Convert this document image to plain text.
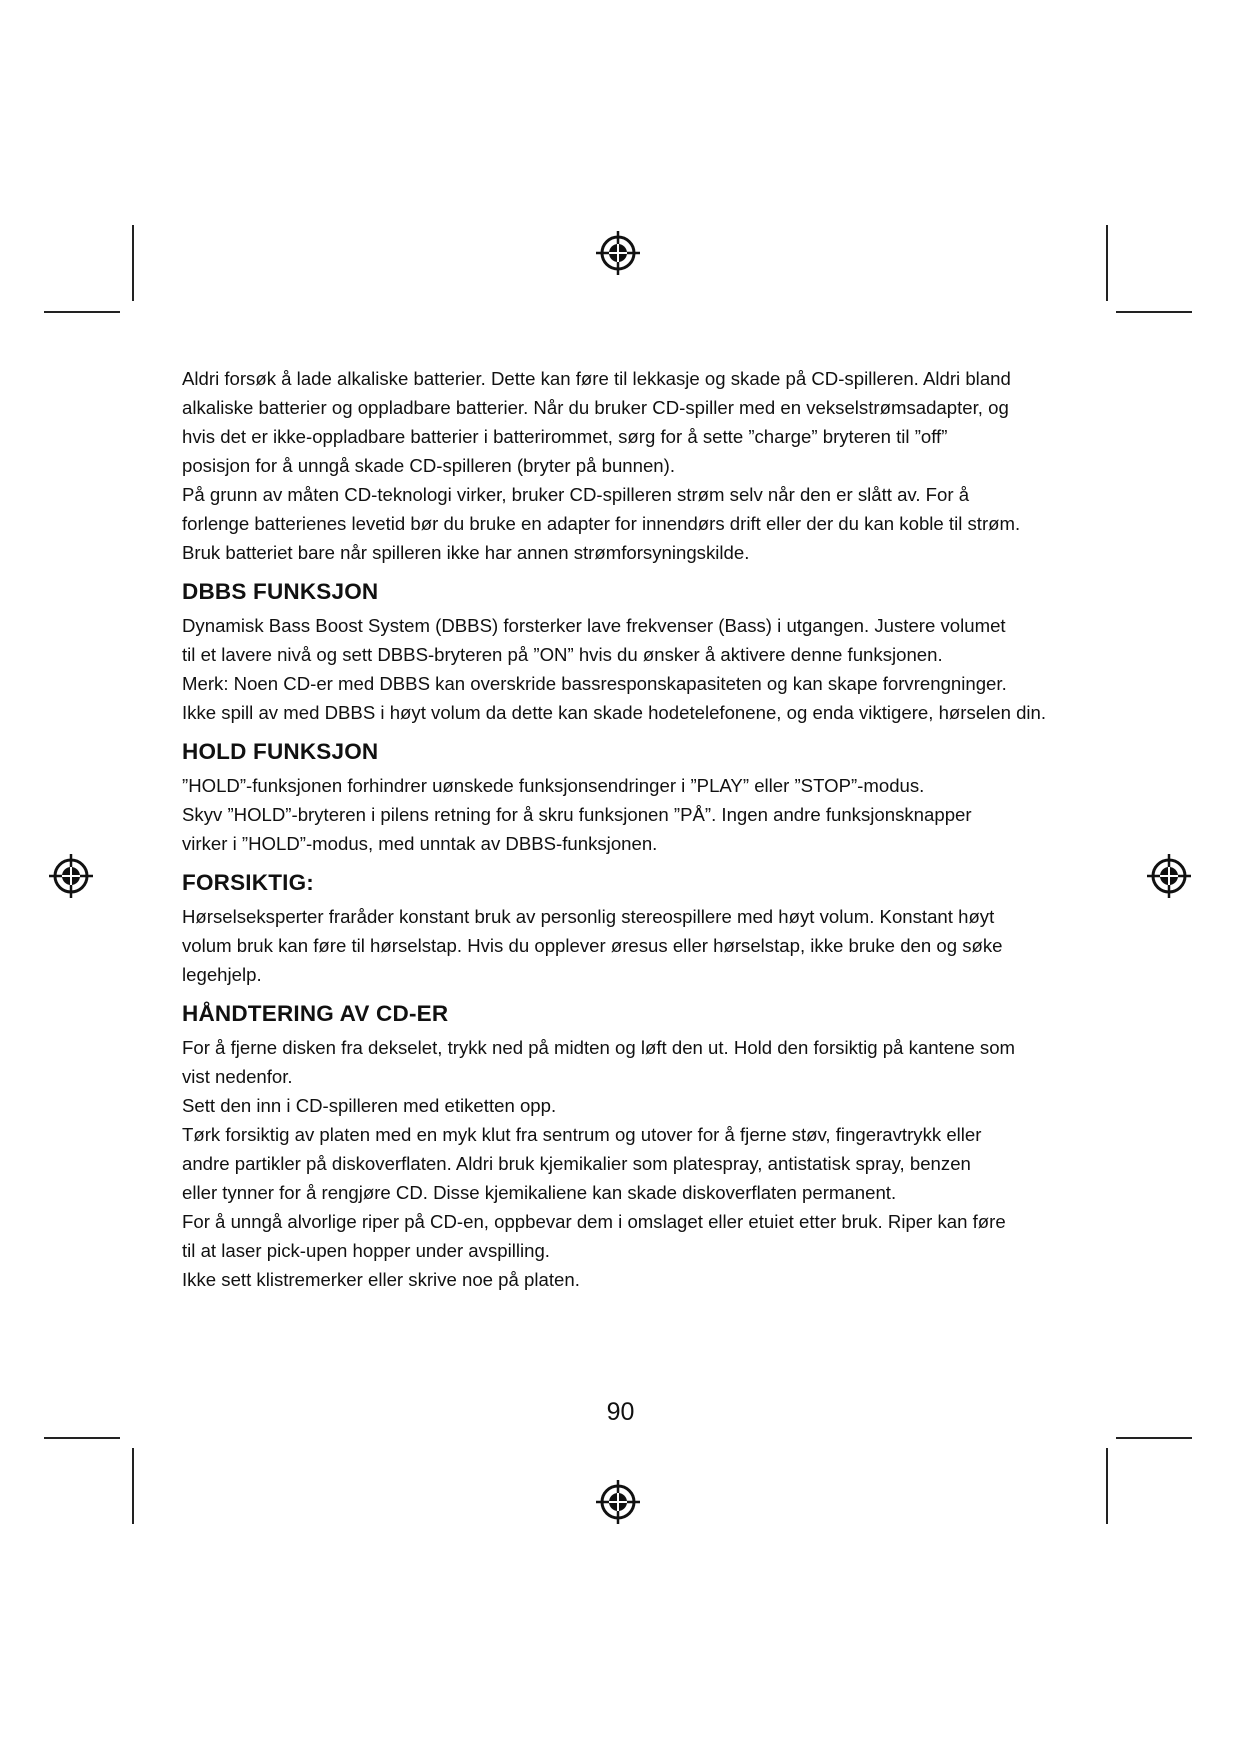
Aldri forsøk å lade alkaliske batterier. Dette kan føre til lekkasje og skade på CD-spilleren. Aldri bland

alkaliske batterier og oppladbare batterier. Når du bruker CD-spiller med en vekselstrømsadapter, og

hvis det er ikke-oppladbare batterier i batterirommet, sørg for å sette ”charge” bryteren til ”off”

posisjon for å unngå skade CD-spilleren (bryter på bunnen).

På grunn av måten CD-teknologi virker, bruker CD-spilleren strøm selv når den er slått av. For å

forlenge batterienes levetid bør du bruke en adapter for innendørs drift eller der du kan koble til strøm.

Bruk batteriet bare når spilleren ikke har annen strømforsyningskilde.

DBBS FUNKSJON

Dynamisk Bass Boost System (DBBS) forsterker lave frekvenser (Bass) i utgangen. Justere volumet

til et lavere nivå og sett DBBS-bryteren på ”ON” hvis du ønsker å aktivere denne funksjonen.

Merk: Noen CD-er med DBBS kan overskride bassresponskapasiteten og kan skape forvrengninger.

Ikke spill av med DBBS i høyt volum da dette kan skade hodetelefonene, og enda viktigere, hørselen din.

HOLD FUNKSJON

”HOLD”-funksjonen forhindrer uønskede funksjonsendringer i ”PLAY” eller ”STOP”-modus.

Skyv ”HOLD”-bryteren i pilens retning for å skru funksjonen ”PÅ”. Ingen andre funksjonsknapper

virker i ”HOLD”-modus, med unntak av DBBS-funksjonen.

FORSIKTIG:

Hørselseksperter fraråder konstant bruk av personlig stereospillere med høyt volum. Konstant høyt

volum bruk kan føre til hørselstap. Hvis du opplever øresus eller hørselstap, ikke bruke den og søke

legehjelp.

HÅNDTERING AV CD-ER

For å fjerne disken fra dekselet, trykk ned på midten og løft den ut. Hold den forsiktig på kantene som

vist nedenfor.

Sett den inn i CD-spilleren med etiketten opp.

Tørk forsiktig av platen med en myk klut fra sentrum og utover for å fjerne støv, fingeravtrykk eller

andre partikler på diskoverflaten. Aldri bruk kjemikalier som platespray, antistatisk spray, benzen

eller tynner for å rengjøre CD. Disse kjemikaliene kan skade diskoverflaten permanent.

For å unngå alvorlige riper på CD-en, oppbevar dem i omslaget eller etuiet etter bruk. Riper kan føre

til at laser pick-upen hopper under avspilling.

Ikke sett klistremerker eller skrive noe på platen.

90
